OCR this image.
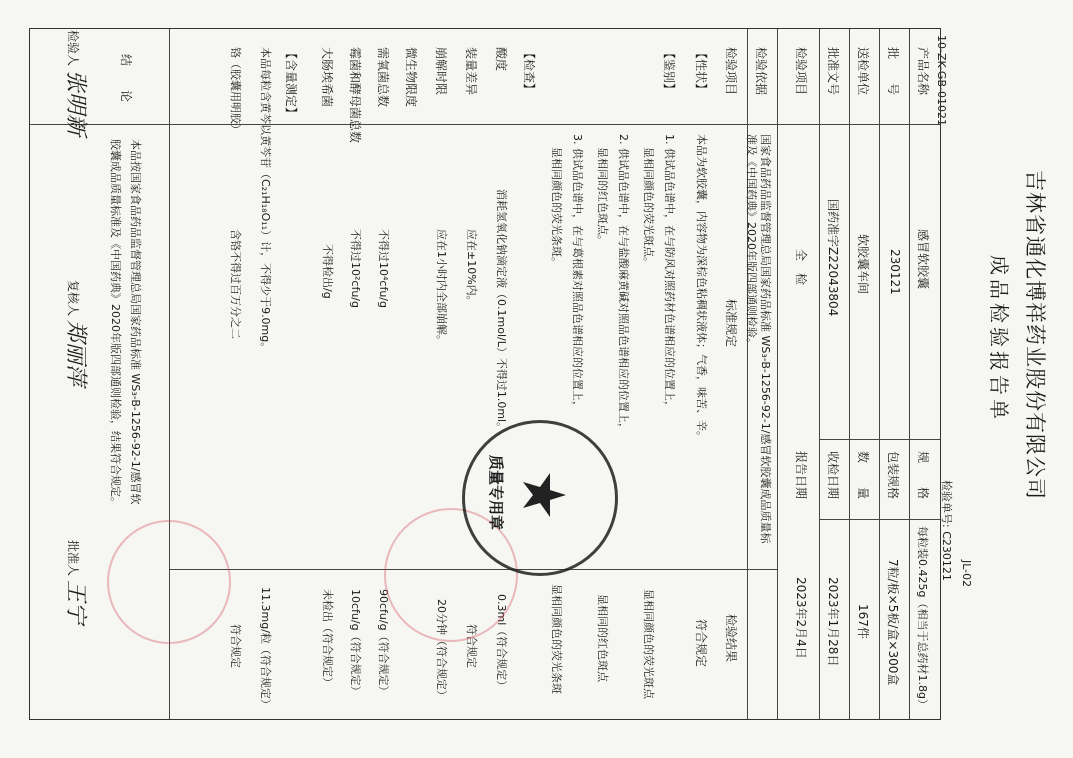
吉林省通化博祥药业股份有限公司
成品检验报告单
JL-02
10-ZK-GB-01021
检验单号: C230121
产品名称
感冒软胶囊
规　　格
每粒装0.425g（相当于总药材1.8g）
批　　号
230121
包装规格
7粒/板×5板/盒×300盒
送检单位
软胶囊车间
数　　量
167件
批准文号
国药准字Z22043804
收检日期
2023年1月28日
检验项目
全　检
报告日期
2023年2月4日
检验依据
国家食品药品监督管理总局国家药品标准 WS₃-B-1256-92-1/感冒软胶囊成品质量标
准及《中国药典》2020年版四部通则检验。
检验项目
标准规定
检验结果
【性状】
本品为软胶囊，内容物为深棕色粘稠状液体；气香，味苦、辛。
符合规定
【鉴别】
1. 供试品色谱中，在与防风对照药材色谱相应的位置上，
显相同颜色的荧光斑点。
显相同颜色的荧光斑点
2. 供试品色谱中，在与盐酸麻黄碱对照品色谱相应的位置上，
显相同的红色斑点。
显相同的红色斑点
3. 供试品色谱中，在与葛根素对照品色谱相应的位置上，
显相同颜色的荧光条斑。
显相同颜色的荧光条斑
【检查】
酸度
消耗氢氧化钠滴定液（0.1mol/L）不得过1.0ml。
0.3ml（符合规定）
装量差异
应在±10%内。
符合规定
崩解时限
应在1小时内全部崩解。
20分钟（符合规定）
微生物限度
需氧菌总数
不得过10⁴cfu/g
90cfu/g（符合规定）
霉菌和酵母菌总数
不得过10²cfu/g
10cfu/g（符合规定）
大肠埃希菌
不得检出/g
未检出（符合规定）
【含量测定】
本品每粒含黄芩以黄芩苷（C₂₁H₁₈O₁₁）计，不得少于9.0mg。
11.3mg/粒（符合规定）
铬（胶囊用明胶）
含铬不得过百万分之二
符合规定
结　　论
本品按国家食品药品监督管理总局国家药品标准 WS₃-B-1256-92-1/感冒软
胶囊成品质量标准及《中国药典》2020年版四部通则检验，结果符合规定。
检验人 张明新
复核人 郑丽萍
批准人 王宁
质量专用章
